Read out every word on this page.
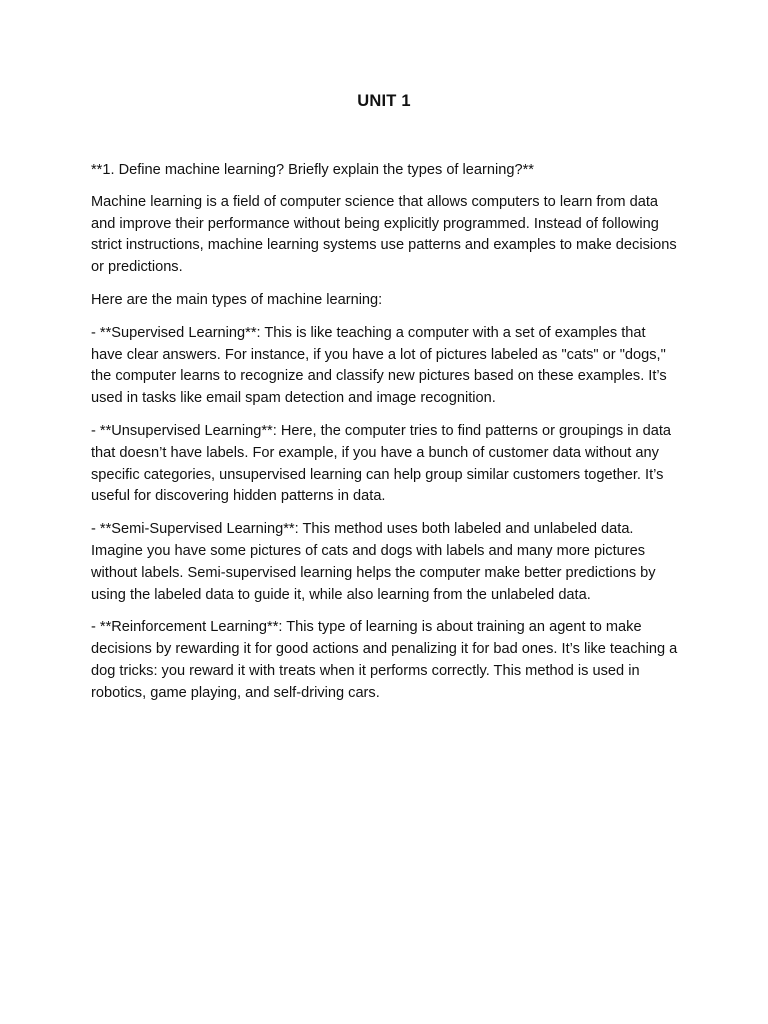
UNIT 1

**1. Define machine learning? Briefly explain the types of learning?**

Machine learning is a field of computer science that allows computers to learn from data and improve their performance without being explicitly programmed. Instead of following strict instructions, machine learning systems use patterns and examples to make decisions or predictions.

Here are the main types of machine learning:

- **Supervised Learning**: This is like teaching a computer with a set of examples that have clear answers. For instance, if you have a lot of pictures labeled as "cats" or "dogs," the computer learns to recognize and classify new pictures based on these examples. It’s used in tasks like email spam detection and image recognition.

- **Unsupervised Learning**: Here, the computer tries to find patterns or groupings in data that doesn’t have labels. For example, if you have a bunch of customer data without any specific categories, unsupervised learning can help group similar customers together. It’s useful for discovering hidden patterns in data.

- **Semi-Supervised Learning**: This method uses both labeled and unlabeled data. Imagine you have some pictures of cats and dogs with labels and many more pictures without labels. Semi-supervised learning helps the computer make better predictions by using the labeled data to guide it, while also learning from the unlabeled data.

- **Reinforcement Learning**: This type of learning is about training an agent to make decisions by rewarding it for good actions and penalizing it for bad ones. It’s like teaching a dog tricks: you reward it with treats when it performs correctly. This method is used in robotics, game playing, and self-driving cars.
